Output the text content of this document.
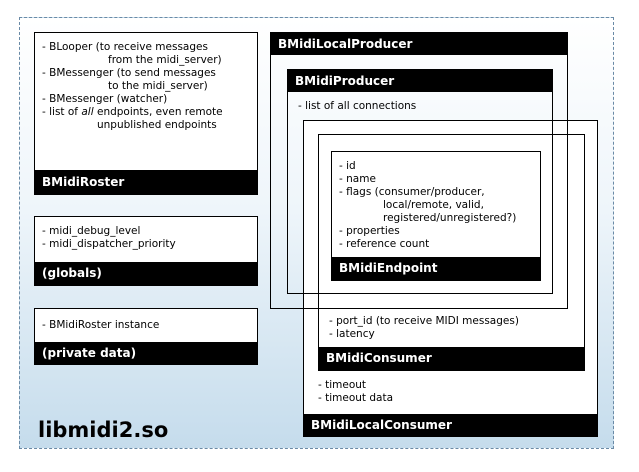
- BLooper (to receive messages
from the midi_server)
- BMessenger (to send messages
to the midi_server)
- BMessenger (watcher)
- list of all endpoints, even remote
unpublished endpoints
BMidiRoster
- midi_debug_level
- midi_dispatcher_priority
(globals)
- BMidiRoster instance
(private data)
libmidi2.so
- timeout
- timeout data
BMidiLocalConsumer
BMidiLocalProducer
BMidiProducer
- list of all connections
- port_id (to receive MIDI messages)
- latency
BMidiConsumer
- id
- name
- flags (consumer/producer,
local/remote, valid,
registered/unregistered?)
- properties
- reference count
BMidiEndpoint
